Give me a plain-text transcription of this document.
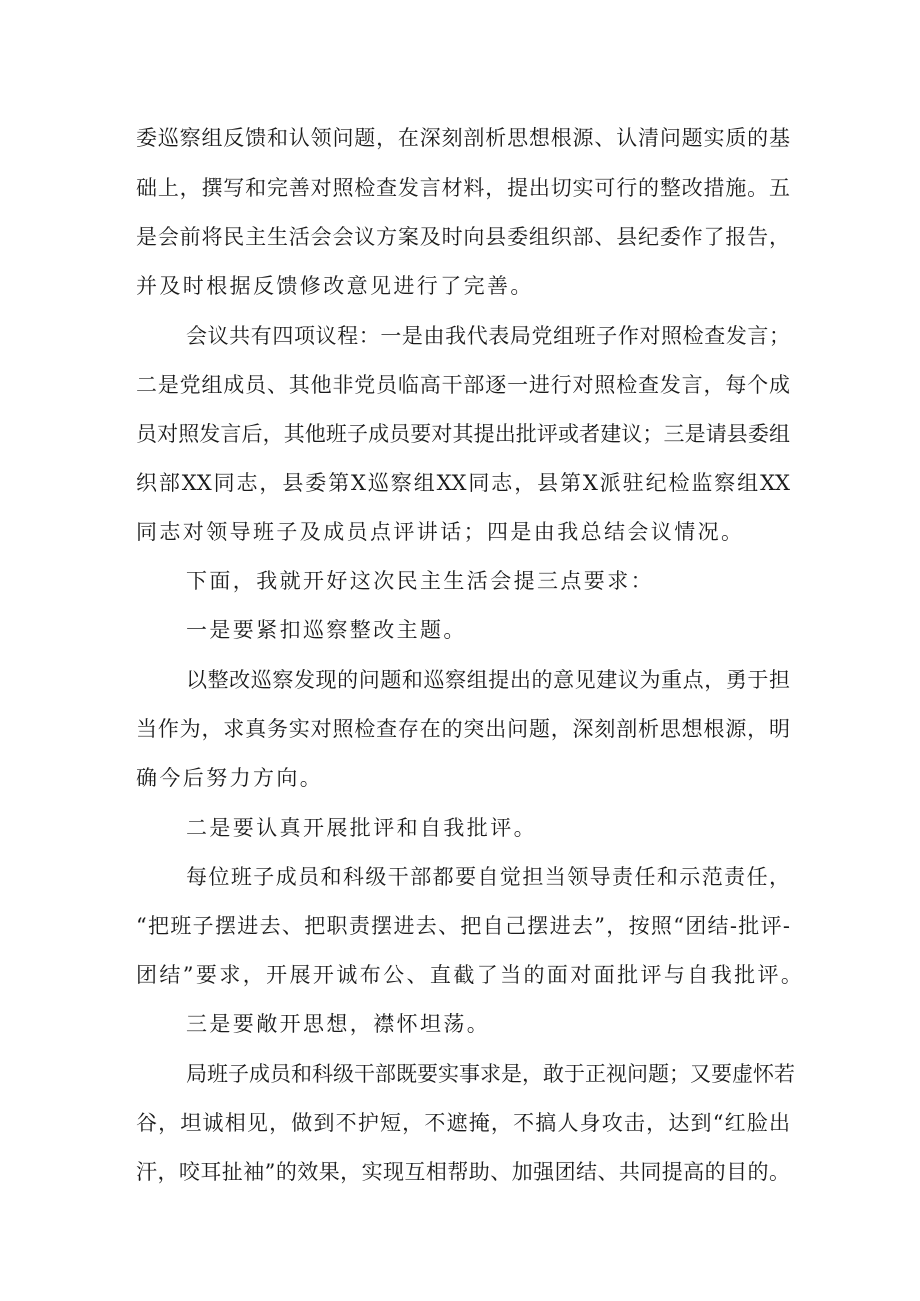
委巡察组反馈和认领问题，在深刻剖析思想根源、认清问题实质的基
础上，撰写和完善对照检查发言材料，提出切实可行的整改措施。五
是会前将民主生活会会议方案及时向县委组织部、县纪委作了报告，
并及时根据反馈修改意见进行了完善。
会议共有四项议程：一是由我代表局党组班子作对照检查发言；
二是党组成员、其他非党员临高干部逐一进行对照检查发言，每个成
员对照发言后，其他班子成员要对其提出批评或者建议；三是请县委组
织部XX同志，县委第X巡察组XX同志，县第X派驻纪检监察组XX
同志对领导班子及成员点评讲话；四是由我总结会议情况。
下面，我就开好这次民主生活会提三点要求：
一是要紧扣巡察整改主题。
以整改巡察发现的问题和巡察组提出的意见建议为重点，勇于担
当作为，求真务实对照检查存在的突出问题，深刻剖析思想根源，明
确今后努力方向。
二是要认真开展批评和自我批评。
每位班子成员和科级干部都要自觉担当领导责任和示范责任，
“把班子摆进去、把职责摆进去、把自己摆进去”，按照“团结-批评-
团结”要求，开展开诚布公、直截了当的面对面批评与自我批评。
三是要敞开思想，襟怀坦荡。
局班子成员和科级干部既要实事求是，敢于正视问题；又要虚怀若
谷，坦诚相见，做到不护短，不遮掩，不搞人身攻击，达到“红脸出
汗，咬耳扯袖”的效果，实现互相帮助、加强团结、共同提高的目的。
